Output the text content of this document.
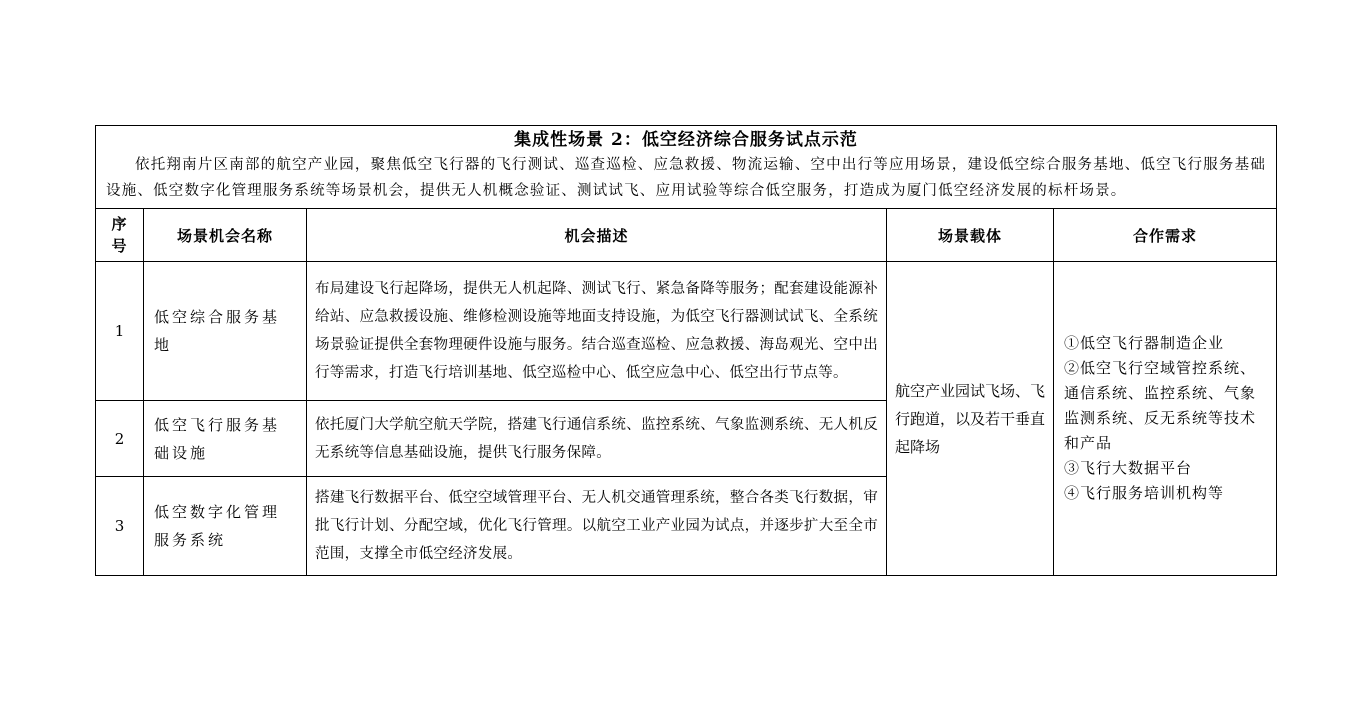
集成性场景 2：低空经济综合服务试点示范
依托翔南片区南部的航空产业园，聚焦低空飞行器的飞行测试、巡查巡检、应急救援、物流运输、空中出行等应用场景，建设低空综合服务基地、低空飞行服务基础设施、低空数字化管理服务系统等场景机会，提供无人机概念验证、测试试飞、应用试验等综合低空服务，打造成为厦门低空经济发展的标杆场景。				

序
号	场景机会名称	机会描述	场景载体	合作需求
1	低空综合服务基地	布局建设飞行起降场，提供无人机起降、测试飞行、紧急备降等服务；配套建设能源补给站、应急救援设施、维修检测设施等地面支持设施，为低空飞行器测试试飞、全系统场景验证提供全套物理硬件设施与服务。结合巡查巡检、应急救援、海岛观光、空中出行等需求，打造飞行培训基地、低空巡检中心、低空应急中心、低空出行节点等。	航空产业园试飞场、飞行跑道，以及若干垂直起降场	①低空飞行器制造企业
②低空飞行空域管控系统、通信系统、监控系统、气象监测系统、反无系统等技术和产品
③飞行大数据平台
④飞行服务培训机构等

2	低空飞行服务基础设施	依托厦门大学航空航天学院，搭建飞行通信系统、监控系统、气象监测系统、无人机反无系统等信息基础设施，提供飞行服务保障。		
3	低空数字化管理服务系统	搭建飞行数据平台、低空空域管理平台、无人机交通管理系统，整合各类飞行数据，审批飞行计划、分配空域，优化飞行管理。以航空工业产业园为试点，并逐步扩大至全市范围，支撑全市低空经济发展。		
